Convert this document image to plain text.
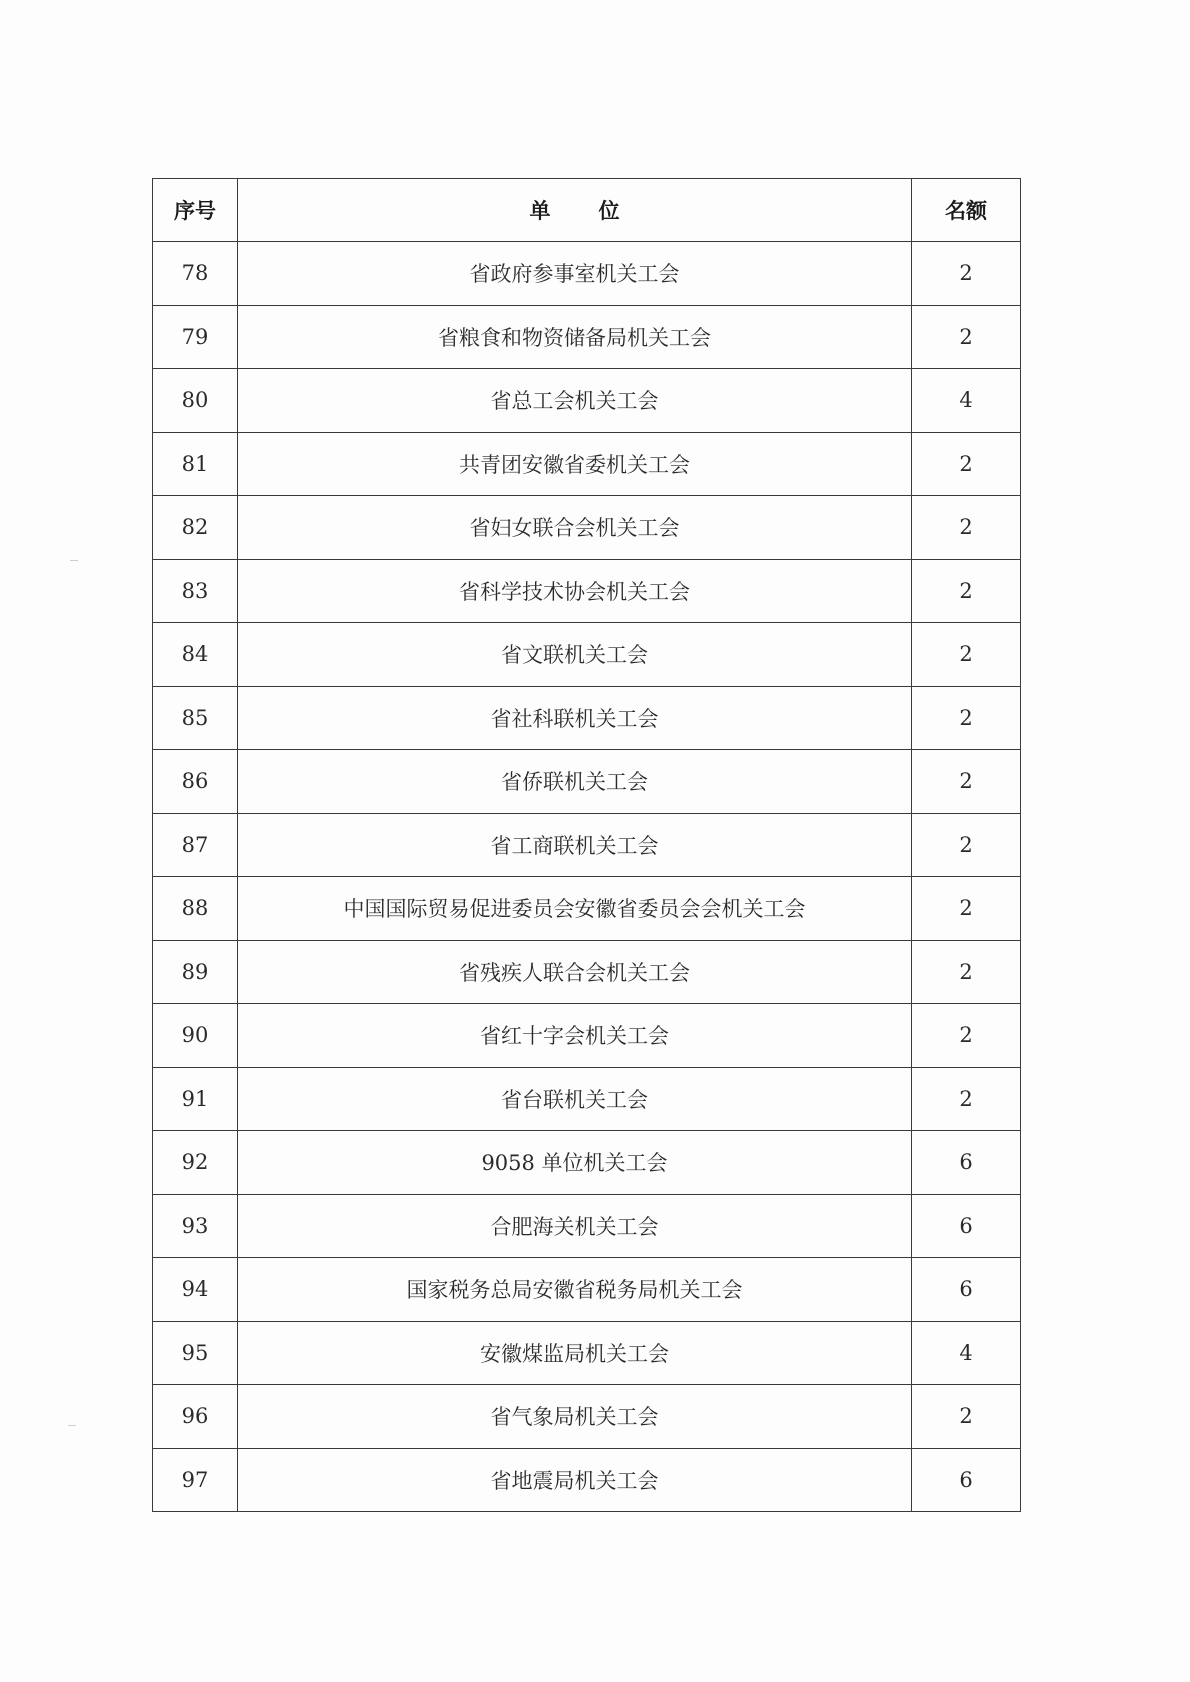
序号	单位	名额
78	省政府参事室机关工会	2
79	省粮食和物资储备局机关工会	2
80	省总工会机关工会	4
81	共青团安徽省委机关工会	2
82	省妇女联合会机关工会	2
83	省科学技术协会机关工会	2
84	省文联机关工会	2
85	省社科联机关工会	2
86	省侨联机关工会	2
87	省工商联机关工会	2
88	中国国际贸易促进委员会安徽省委员会会机关工会	2
89	省残疾人联合会机关工会	2
90	省红十字会机关工会	2
91	省台联机关工会	2
92	9058 单位机关工会	6
93	合肥海关机关工会	6
94	国家税务总局安徽省税务局机关工会	6
95	安徽煤监局机关工会	4
96	省气象局机关工会	2
97	省地震局机关工会	6
